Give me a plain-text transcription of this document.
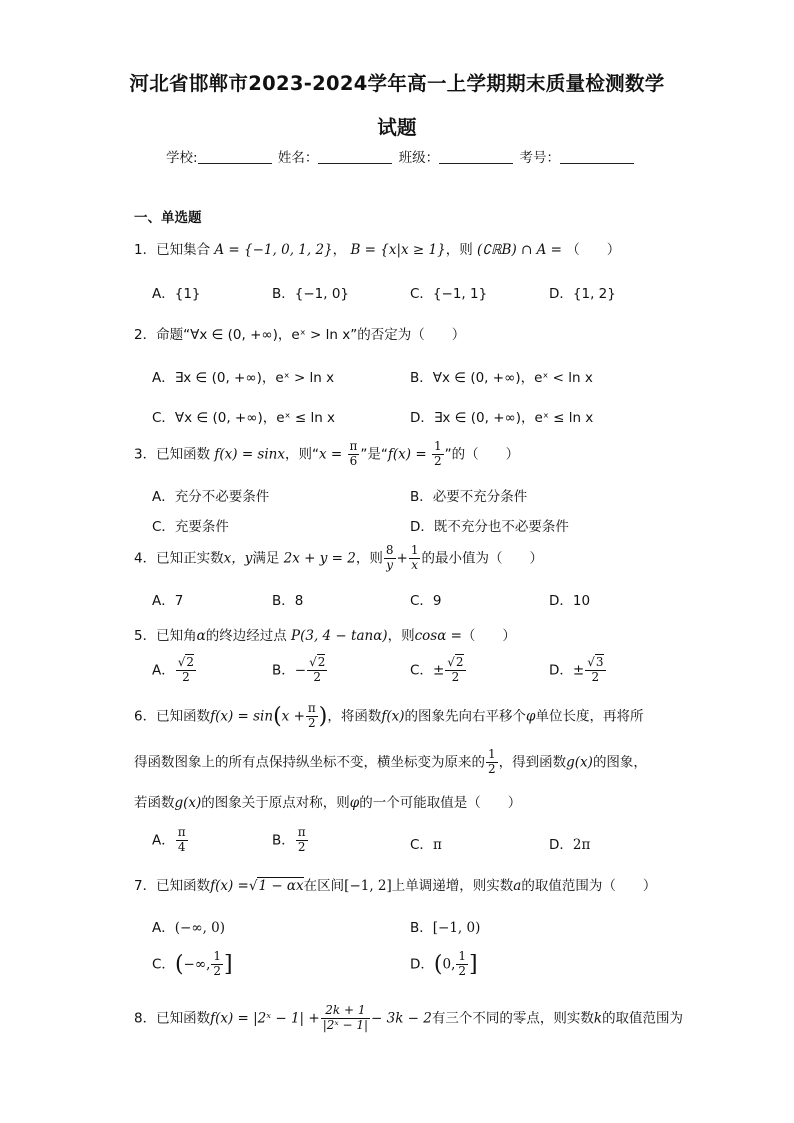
河北省邯郸市2023-2024学年高一上学期期末质量检测数学
试题
学校:	姓名：	班级：	考号：
一、单选题
1．已知集合 A = {−1, 0, 1, 2}， B = {x|x ≥ 1}，则 (∁ℝB) ∩ A = （　　）
A．{1}	B．{−1, 0}	C．{−1, 1}	D．{1, 2}
2．命题“∀x ∈ (0, +∞)，eˣ > ln x”的否定为（　　）
A．∃x ∈ (0, +∞)，eˣ > ln x	B．∀x ∈ (0, +∞)，eˣ < ln x
C．∀x ∈ (0, +∞)，eˣ ≤ ln x	D．∃x ∈ (0, +∞)，eˣ ≤ ln x
3．已知函数 f(x) = sinx，则“$x = \frac{\pi}{6}$ ”是“$f(x) = \frac{1}{2}$ ”的（　　）
A．充分不必要条件	B．必要不充分条件
C．充要条件	D．既不充分也不必要条件
4．已知正实数x，y满足 2x + y = 2，则 $\frac{8}{y} + \frac{1}{x}$ 的最小值为（　　）
A．7	B．8	C．9	D．10
5．已知角α的终边经过点 P(3, 4 − tanα)，则cosα =（　　）
A． $\frac{√2}{2}$	B．− $\frac{√2}{2}$	C．± $\frac{√2}{2}$	D．± $\frac{√3}{2}$
6．已知函数$f(x) = \sin(x + \frac{\pi}{2}$ )，将函数f(x)的图象先向右平移个φ单位长度，再将所
得函数图象上的所有点保持纵坐标不变，横坐标变为原来的 $\frac{1}{2}$ ，得到函数g(x)的图象，
若函数g(x)的图象关于原点对称，则φ的一个可能取值是（　　）
A． $\frac{\pi}{4}$	B． $\frac{\pi}{2}$	C．π	D．2π
7．已知函数f(x) =√1 − αx在区间[−1, 2]上单调递增，则实数a的取值范围为（　　）
A．(−∞, 0)	B．[−1, 0)
C．(−∞, $\frac{1}{2}$ ]	D．(0, $\frac{1}{2}$ ]
8．已知函数f(x) = |2ˣ − $1| + \frac{2k + 1}{\text{|2ˣ − 1|}} - 3k - 2$有三个不同的零点，则实数k的取值范围为
